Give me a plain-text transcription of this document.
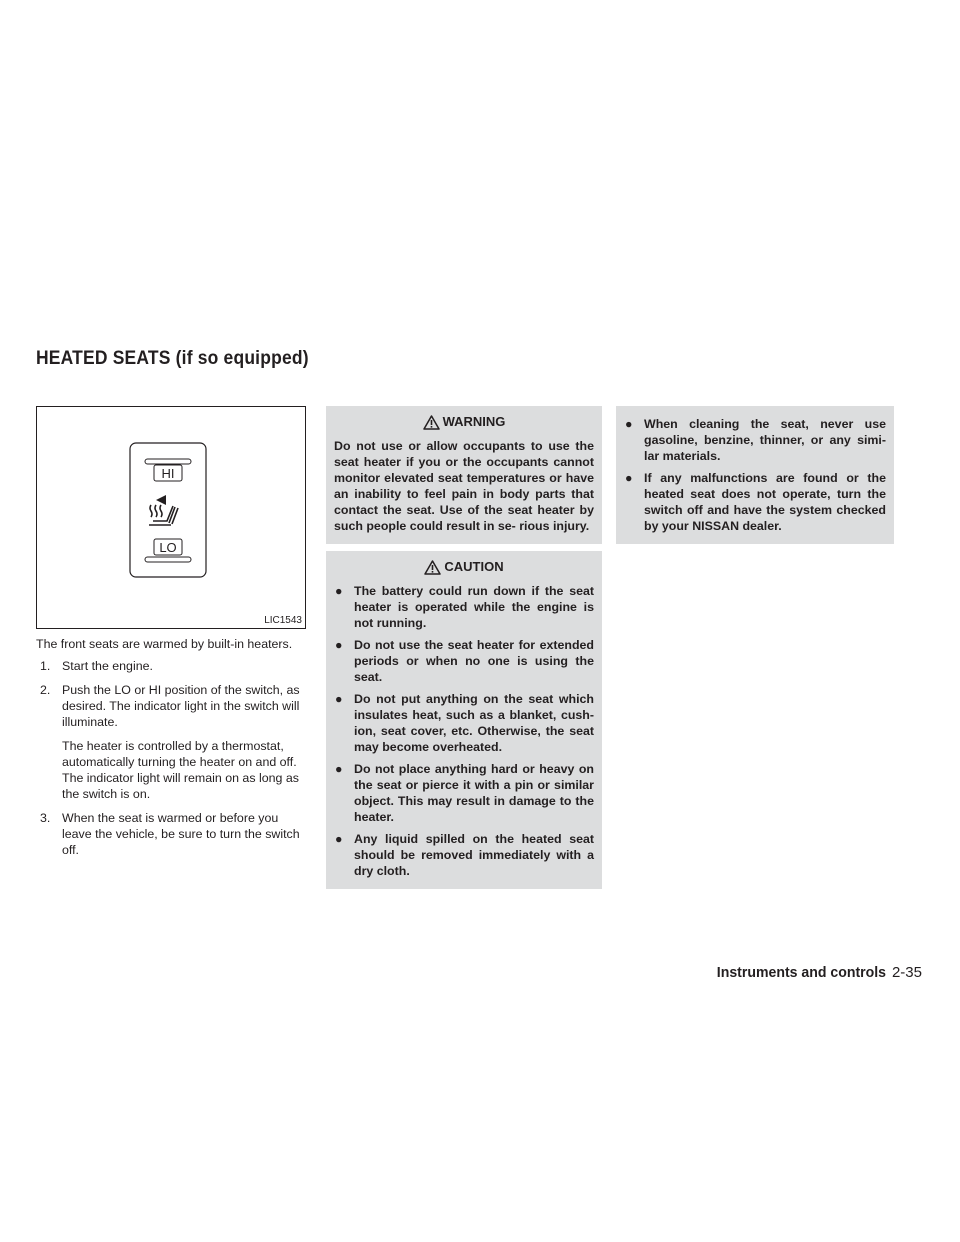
HEATED SEATS (if so equipped)
HI
LO
LIC1543

The front seats are warmed by built-in heaters.

1. Start the engine.
2. Push the LO or HI position of the switch, as desired. The indicator light in the switch will illuminate.
The heater is controlled by a thermostat, automatically turning the heater on and off. The indicator light will remain on as long as the switch is on.
3. When the seat is warmed or before you leave the vehicle, be sure to turn the switch off.
WARNING
Do not use or allow occupants to use the seat heater if you or the occupants cannot monitor elevated seat temperatures or have an inability to feel pain in body parts that contact the seat. Use of the seat heater by such people could result in se- rious injury.
CAUTION
● The battery could run down if the seat heater is operated while the engine is not running.
● Do not use the seat heater for extended periods or when no one is using the seat.
● Do not put anything on the seat which insulates heat, such as a blanket, cush- ion, seat cover, etc. Otherwise, the seat may become overheated.
● Do not place anything hard or heavy on the seat or pierce it with a pin or similar object. This may result in damage to the heater.
● Any liquid spilled on the heated seat should be removed immediately with a dry cloth.
● When cleaning the seat, never use gasoline, benzine, thinner, or any simi- lar materials.
● If any malfunctions are found or the heated seat does not operate, turn the switch off and have the system checked by your NISSAN dealer.
Instruments and controls 2-35
